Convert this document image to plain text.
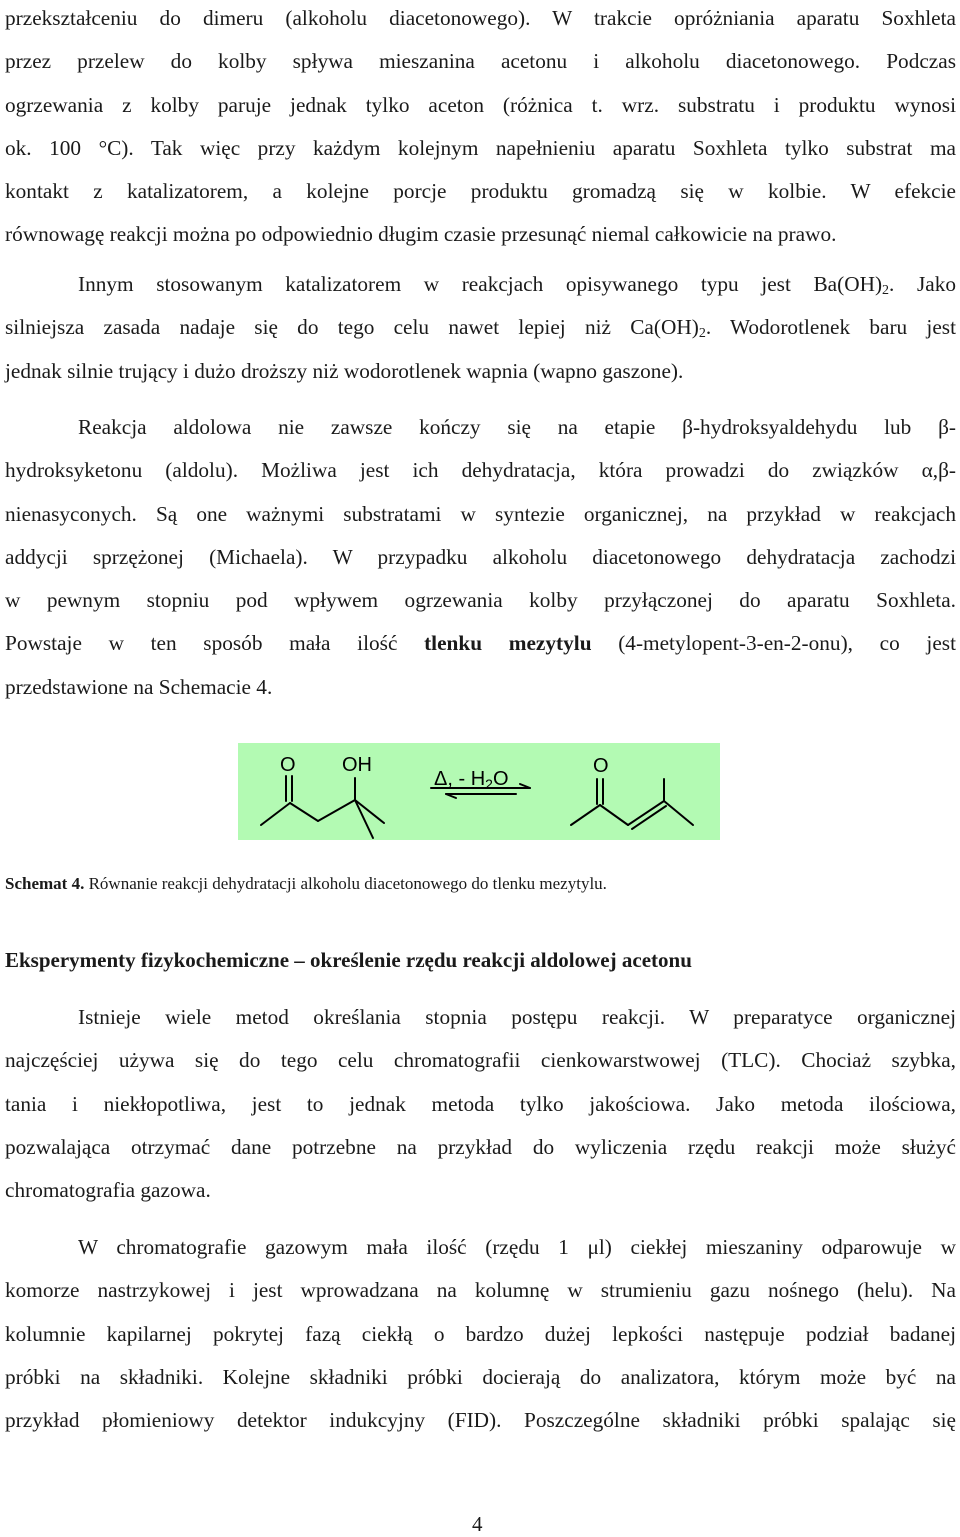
przekształceniu do dimeru (alkoholu diacetonowego). W trakcie opróżniania aparatu Soxhleta
przez przelew do kolby spływa mieszanina acetonu i alkoholu diacetonowego. Podczas
ogrzewania z kolby paruje jednak tylko aceton (różnica t. wrz. substratu i produktu wynosi
ok. 100 °C). Tak więc przy każdym kolejnym napełnieniu aparatu Soxhleta tylko substrat ma
kontakt z katalizatorem, a kolejne porcje produktu gromadzą się w kolbie. W efekcie
równowagę reakcji można po odpowiednio długim czasie przesunąć niemal całkowicie na prawo.

Innym stosowanym katalizatorem w reakcjach opisywanego typu jest $Ba(OH)_2$. Jako
silniejsza zasada nadaje się do tego celu nawet lepiej niż $Ca(OH)_2$. Wodorotlenek baru jest
jednak silnie trujący i dużo droższy niż wodorotlenek wapnia (wapno gaszone).

Reakcja aldolowa nie zawsze kończy się na etapie β-hydroksyaldehydu lub β-
hydroksyketonu (aldolu). Możliwa jest ich dehydratacja, która prowadzi do związków α,β-
nienasyconych. Są one ważnymi substratami w syntezie organicznej, na przykład w reakcjach
addycji sprzężonej (Michaela). W przypadku alkoholu diacetonowego dehydratacja zachodzi
w pewnym stopniu pod wpływem ogrzewania kolby przyłączonej do aparatu Soxhleta.
Powstaje w ten sposób mała ilość tlenku mezytylu (4-metylopent-3-en-2-onu), co jest
przedstawione na Schemacie 4.

O OH
Δ, - $H_2O$
O
Schemat 4. Równanie reakcji dehydratacji alkoholu diacetonowego do tlenku mezytylu.
Eksperymenty fizykochemiczne – określenie rzędu reakcji aldolowej acetonu

Istnieje wiele metod określania stopnia postępu reakcji. W preparatyce organicznej
najczęściej używa się do tego celu chromatografii cienkowarstwowej (TLC). Chociaż szybka,
tania i niekłopotliwa, jest to jednak metoda tylko jakościowa. Jako metoda ilościowa,
pozwalająca otrzymać dane potrzebne na przykład do wyliczenia rzędu reakcji może służyć
chromatografia gazowa.

W chromatografie gazowym mała ilość (rzędu 1 μl) ciekłej mieszaniny odparowuje w
komorze nastrzykowej i jest wprowadzana na kolumnę w strumieniu gazu nośnego (helu). Na
kolumnie kapilarnej pokrytej fazą ciekłą o bardzo dużej lepkości następuje podział badanej
próbki na składniki. Kolejne składniki próbki docierają do analizatora, którym może być na
przykład płomieniowy detektor indukcyjny (FID). Poszczególne składniki próbki spalając się

4
